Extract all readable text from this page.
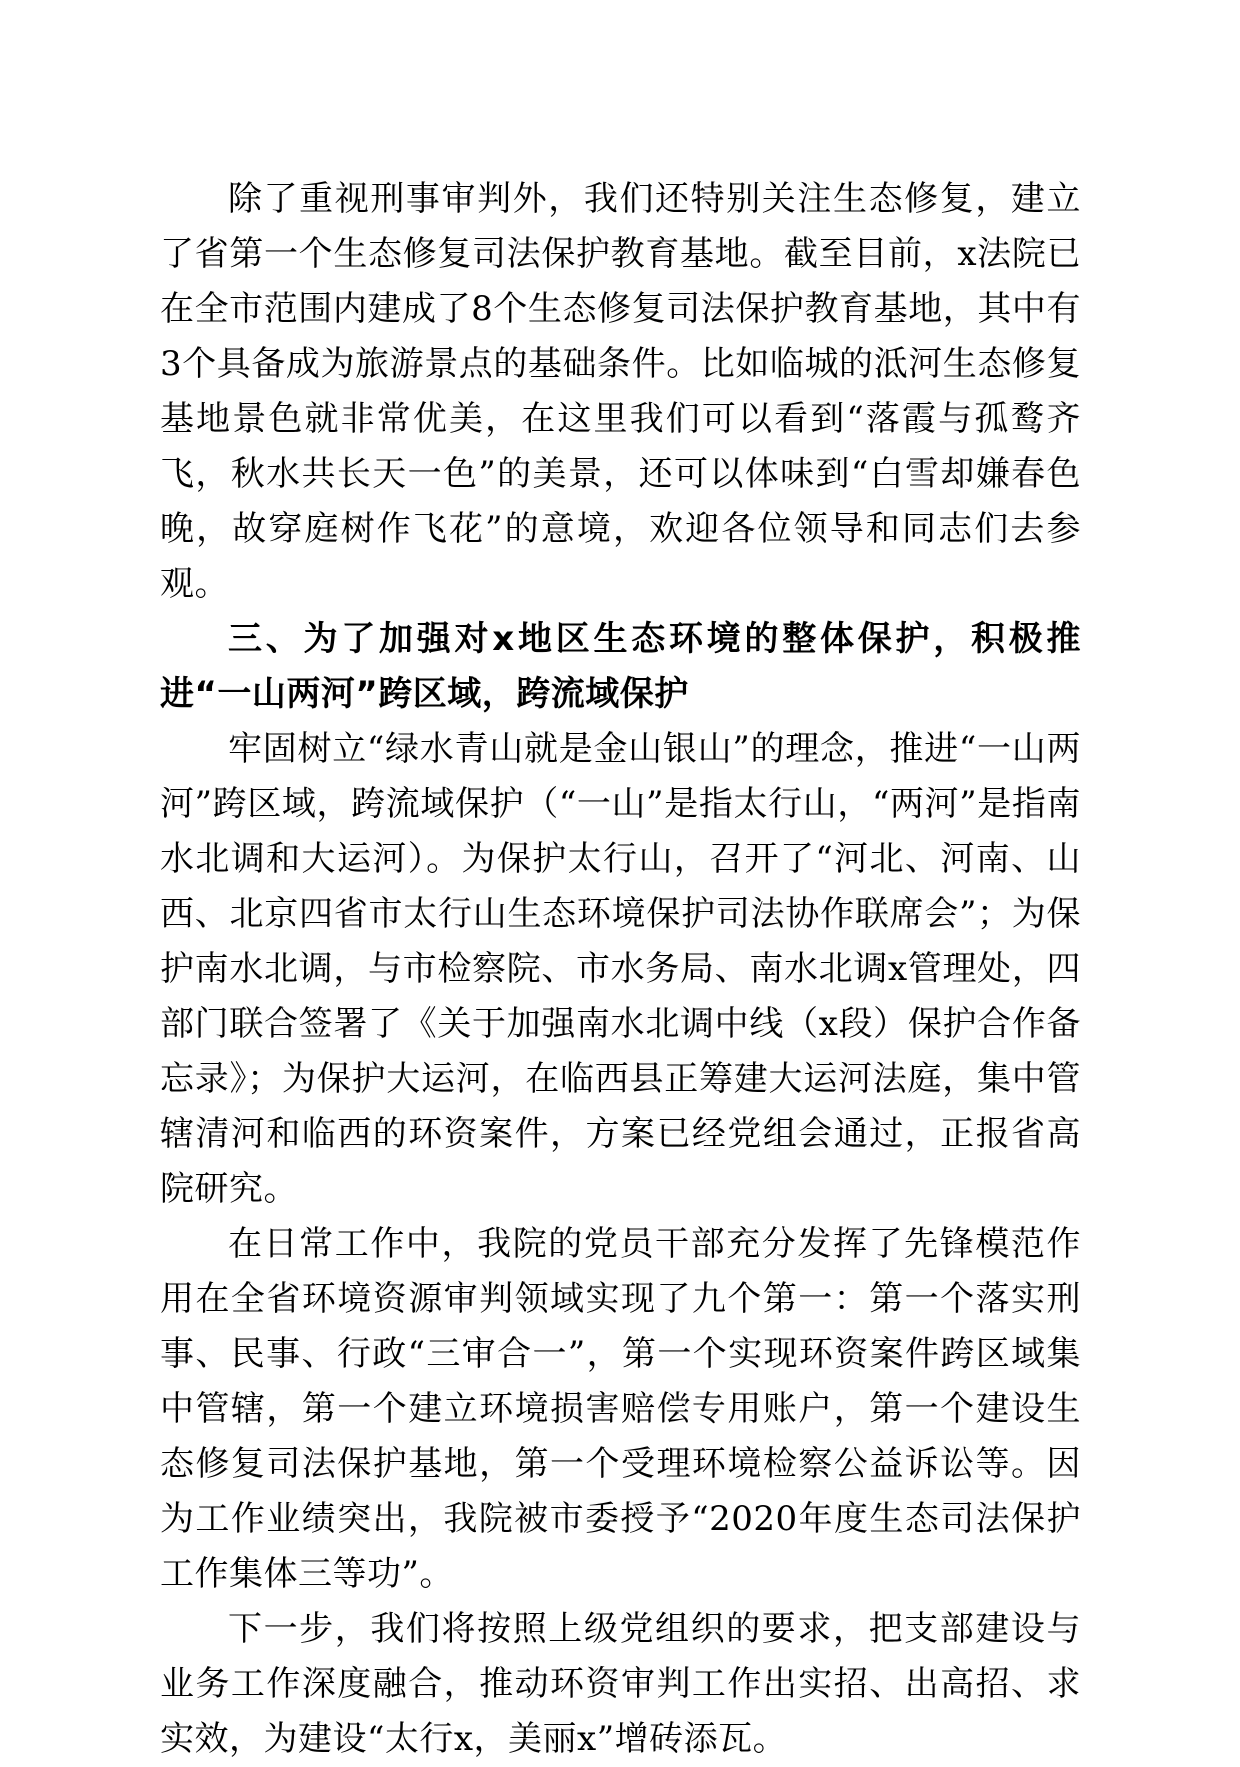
除了重视刑事审判外，我们还特别关注生态修复，建立了省第一个生态修复司法保护教育基地。截至目前，x法院已在全市范围内建成了8个生态修复司法保护教育基地，其中有3个具备成为旅游景点的基础条件。比如临城的泜河生态修复基地景色就非常优美，在这里我们可以看到“落霞与孤鹜齐飞，秋水共长天一色”的美景，还可以体味到“白雪却嫌春色晚，故穿庭树作飞花”的意境，欢迎各位领导和同志们去参观。

三、为了加强对x地区生态环境的整体保护，积极推进“一山两河”跨区域，跨流域保护

牢固树立“绿水青山就是金山银山”的理念，推进“一山两河”跨区域，跨流域保护（“一山”是指太行山，“两河”是指南水北调和大运河）。为保护太行山，召开了“河北、河南、山西、北京四省市太行山生态环境保护司法协作联席会”；为保护南水北调，与市检察院、市水务局、南水北调x管理处，四部门联合签署了《关于加强南水北调中线（x段）保护合作备忘录》；为保护大运河，在临西县正筹建大运河法庭，集中管辖清河和临西的环资案件，方案已经党组会通过，正报省高院研究。

在日常工作中，我院的党员干部充分发挥了先锋模范作用在全省环境资源审判领域实现了九个第一：第一个落实刑事、民事、行政“三审合一”，第一个实现环资案件跨区域集中管辖，第一个建立环境损害赔偿专用账户，第一个建设生态修复司法保护基地，第一个受理环境检察公益诉讼等。因为工作业绩突出，我院被市委授予“2020年度生态司法保护工作集体三等功”。

下一步，我们将按照上级党组织的要求，把支部建设与业务工作深度融合，推动环资审判工作出实招、出高招、求实效，为建设“太行x，美丽x”增砖添瓦。
